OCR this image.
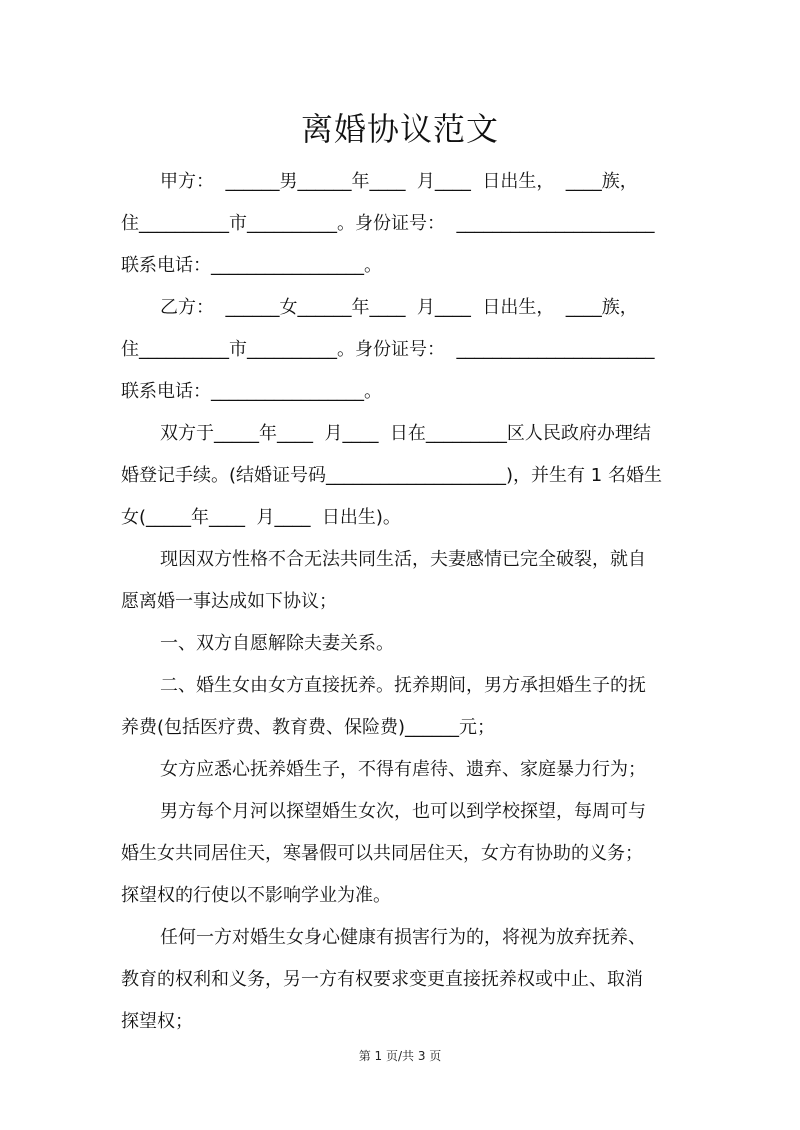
离婚协议范文
甲方：  ______男______年____  月____  日出生，  ____族，
住__________市__________。身份证号：  ______________________
联系电话：_________________。
乙方：  ______女______年____  月____  日出生，  ____族，
住__________市__________。身份证号：  ______________________
联系电话：_________________。
双方于_____年____  月____  日在_________区人民政府办理结
婚登记手续。(结婚证号码____________________)，并生有 1 名婚生
女(_____年____  月____  日出生)。
现因双方性格不合无法共同生活，夫妻感情已完全破裂，就自
愿离婚一事达成如下协议；
一、双方自愿解除夫妻关系。
二、婚生女由女方直接抚养。抚养期间，男方承担婚生子的抚
养费(包括医疗费、教育费、保险费)______元；
女方应悉心抚养婚生子，不得有虐待、遗弃、家庭暴力行为；
男方每个月河以探望婚生女次，也可以到学校探望，每周可与
婚生女共同居住天，寒暑假可以共同居住天，女方有协助的义务；
探望权的行使以不影响学业为准。
任何一方对婚生女身心健康有损害行为的，将视为放弃抚养、
教育的权利和义务，另一方有权要求变更直接抚养权或中止、取消
探望权；
第 1 页/共 3 页
